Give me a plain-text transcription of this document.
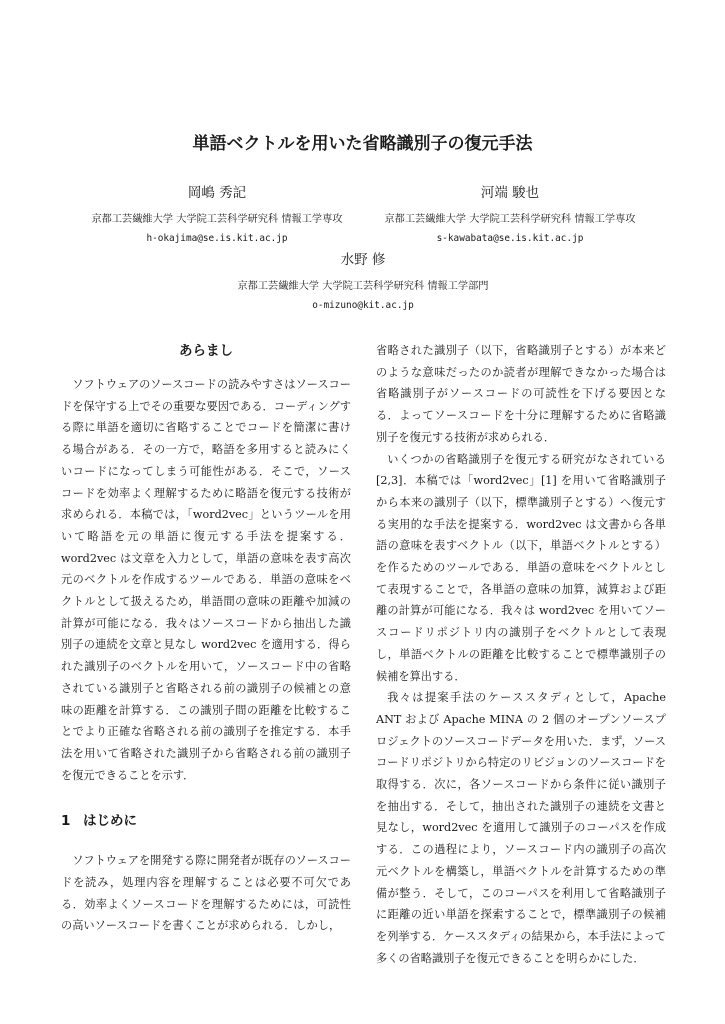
単語ベクトルを用いた省略識別子の復元手法
岡嶋 秀記
京都工芸繊維大学 大学院工芸科学研究科 情報工学専攻
h-okajima@se.is.kit.ac.jp
河端 駿也
京都工芸繊維大学 大学院工芸科学研究科 情報工学専攻
s-kawabata@se.is.kit.ac.jp
水野 修
京都工芸繊維大学 大学院工芸科学研究科 情報工学部門
o-mizuno@kit.ac.jp
あらまし

ソフトウェアのソースコードの読みやすさはソースコードを保守する上でその重要な要因である．コーディングする際に単語を適切に省略することでコードを簡潔に書ける場合がある．その一方で，略語を多用すると読みにくいコードになってしまう可能性がある．そこで，ソースコードを効率よく理解するために略語を復元する技術が求められる．本稿では，「word2vec」というツールを用いて略語を元の単語に復元する手法を提案する．word2vec は文章を入力として，単語の意味を表す高次元のベクトルを作成するツールである．単語の意味をベクトルとして扱えるため，単語間の意味の距離や加減の計算が可能になる．我々はソースコードから抽出した識別子の連続を文章と見なし word2vec を適用する．得られた識別子のベクトルを用いて，ソースコード中の省略されている識別子と省略される前の識別子の候補との意味の距離を計算する．この識別子間の距離を比較することでより正確な省略される前の識別子を推定する．本手法を用いて省略された識別子から省略される前の識別子を復元できることを示す．

1 はじめに

ソフトウェアを開発する際に開発者が既存のソースコードを読み，処理内容を理解することは必要不可欠である．効率よくソースコードを理解するためには，可読性の高いソースコードを書くことが求められる．しかし，

省略された識別子（以下，省略識別子とする）が本来どのような意味だったのか読者が理解できなかった場合は省略識別子がソースコードの可読性を下げる要因となる．よってソースコードを十分に理解するために省略識別子を復元する技術が求められる．

いくつかの省略識別子を復元する研究がなされている [2,3]．本稿では「word2vec」[1] を用いて省略識別子から本来の識別子（以下，標準識別子とする）へ復元する実用的な手法を提案する．word2vec は文書から各単語の意味を表すベクトル（以下，単語ベクトルとする）を作るためのツールである．単語の意味をベクトルとして表現することで，各単語の意味の加算，減算および距離の計算が可能になる．我々は word2vec を用いてソースコードリポジトリ内の識別子をベクトルとして表現し，単語ベクトルの距離を比較することで標準識別子の候補を算出する．

我々は提案手法のケーススタディとして，Apache ANT および Apache MINA の 2 個のオープンソースプロジェクトのソースコードデータを用いた．まず，ソースコードリポジトリから特定のリビジョンのソースコードを取得する．次に，各ソースコードから条件に従い識別子を抽出する．そして，抽出された識別子の連続を文書と見なし，word2vec を適用して識別子のコーパスを作成する．この過程により，ソースコード内の識別子の高次元ベクトルを構築し，単語ベクトルを計算するための準備が整う．そして，このコーパスを利用して省略識別子に距離の近い単語を探索することで，標準識別子の候補を列挙する．ケーススタディの結果から，本手法によって多くの省略識別子を復元できることを明らかにした．
